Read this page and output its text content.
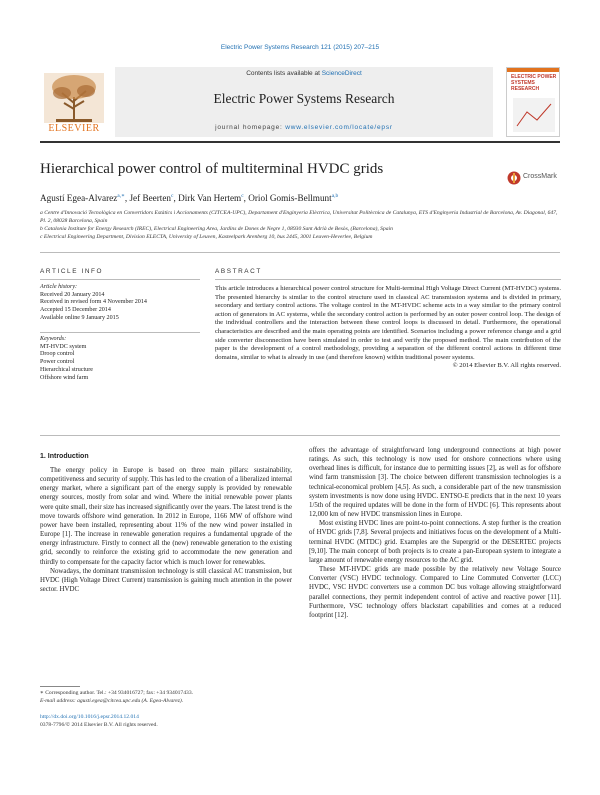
Electric Power Systems Research 121 (2015) 207–215
ELSEVIER
Contents lists available at ScienceDirect
Electric Power Systems Research
journal homepage: www.elsevier.com/locate/epsr
ELECTRIC POWER SYSTEMS RESEARCH
Hierarchical power control of multiterminal HVDC grids	CrossMark
Agustí Egea-Alvarez$^{a,∗}$, Jef Beerten$^c$, Dirk Van Hertem$^c$, Oriol Gomis-Bellmunt$^{a,b}$
a Centre d'Innovació Tecnològica en Convertidors Estàtics i Accionaments (CITCEA-UPC), Departament d'Enginyeria Elèctrica, Universitat Politècnica de Catalunya, ETS d'Enginyeria Industrial de Barcelona, Av. Diagonal, 647, Pl. 2, 08028 Barcelona, Spain
b Catalonia Institute for Energy Research (IREC), Electrical Engineering Area, Jardins de Dones de Negre 1, 08930 Sant Adrià de Besòs, (Barcelona), Spain
c Electrical Engineering Department, Division ELECTA, University of Leuven, Kasteelpark Arenberg 10, bus 2445, 3001 Leuven-Heverlee, Belgium
ARTICLE INFO
Article history:
Received 20 January 2014
Received in revised form 4 November 2014
Accepted 15 December 2014
Available online 9 January 2015
Keywords:
MT-HVDC system
Droop control
Power control
Hierarchical structure
Offshore wind farm
ABSTRACT
This article introduces a hierarchical power control structure for Multi-terminal High Voltage Direct Current (MT-HVDC) systems. The presented hierarchy is similar to the control structure used in classical AC transmission systems and is divided in primary, secondary and tertiary control actions. The voltage control in the MT-HVDC scheme acts in a way similar to the primary control action of generators in AC systems, while the secondary control action is performed by an outer power control loop. The design of the individual controllers and the interaction between these control loops is discussed in detail. Furthermore, the operational characteristics are described and the main operating points are identified. Scenarios including a power reference change and a grid side converter disconnection have been simulated in order to test and verify the proposed method. The main contribution of the paper is the development of a control methodology, providing a separation of the different control actions in different time domains, similar to what is already in use (and therefore known) within traditional power systems.
© 2014 Elsevier B.V. All rights reserved.
1. Introduction

The energy policy in Europe is based on three main pillars: sustainability, competitiveness and security of supply. This has led to the creation of a liberalized internal energy market, where a significant part of the energy supply is provided by renewable energy sources, mostly from solar and wind. Where the initial renewable power plants were quite small, their size has increased significantly over the years. The latest trend is the move towards offshore wind generation. In 2012 in Europe, 1166 MW of offshore wind power have been installed, representing about 11% of the new wind power installed in Europe [1]. The increase in renewable generation requires a fundamental upgrade of the energy infrastructure. Firstly to connect all the (new) renewable generation to the existing grid, secondly to reinforce the existing grid to accommodate the new generation and thirdly to compensate for the capacity factor which is much lower for renewables.

Nowadays, the dominant transmission technology is still classical AC transmission, but HVDC (High Voltage Direct Current) transmission is gaining much attention in the power sector. HVDC

offers the advantage of straightforward long underground connections at high power ratings. As such, this technology is now used for onshore connections where using overhead lines is difficult, for instance due to permitting issues [2], as well as for offshore wind farm transmission [3]. The choice between different transmission technologies is a technical-economical problem [4,5]. As such, a considerable part of the new transmission system investments is now done using HVDC. ENTSO-E predicts that in the next 10 years 1/5th of the required updates will be done in the form of HVDC [6]. This represents about 12,000 km of new HVDC transmission lines in Europe.

Most existing HVDC lines are point-to-point connections. A step further is the creation of HVDC grids [7,8]. Several projects and initiatives focus on the development of a Multi-terminal HVDC (MTDC) grid. Examples are the Supergrid or the DESERTEC projects [9,10]. The main concept of both projects is to create a pan-European system to integrate a large amount of renewable energy resources to the AC grid.

These MT-HVDC grids are made possible by the relatively new Voltage Source Converter (VSC) HVDC technology. Compared to Line Commuted Converter (LCC) HVDC, VSC HVDC converters use a common DC bus voltage allowing straightforward parallel connections, they permit independent control of active and reactive power [11]. Furthermore, VSC technology offers blackstart capabilities and comes at a reduced footprint [12].

∗ Corresponding author. Tel.: +34 934016727; fax: +34 934017433.
E-mail address: agusti.egea@citcea.upc.edu (A. Egea-Alvarez).
http://dx.doi.org/10.1016/j.epsr.2014.12.014
0378-7796/© 2014 Elsevier B.V. All rights reserved.
